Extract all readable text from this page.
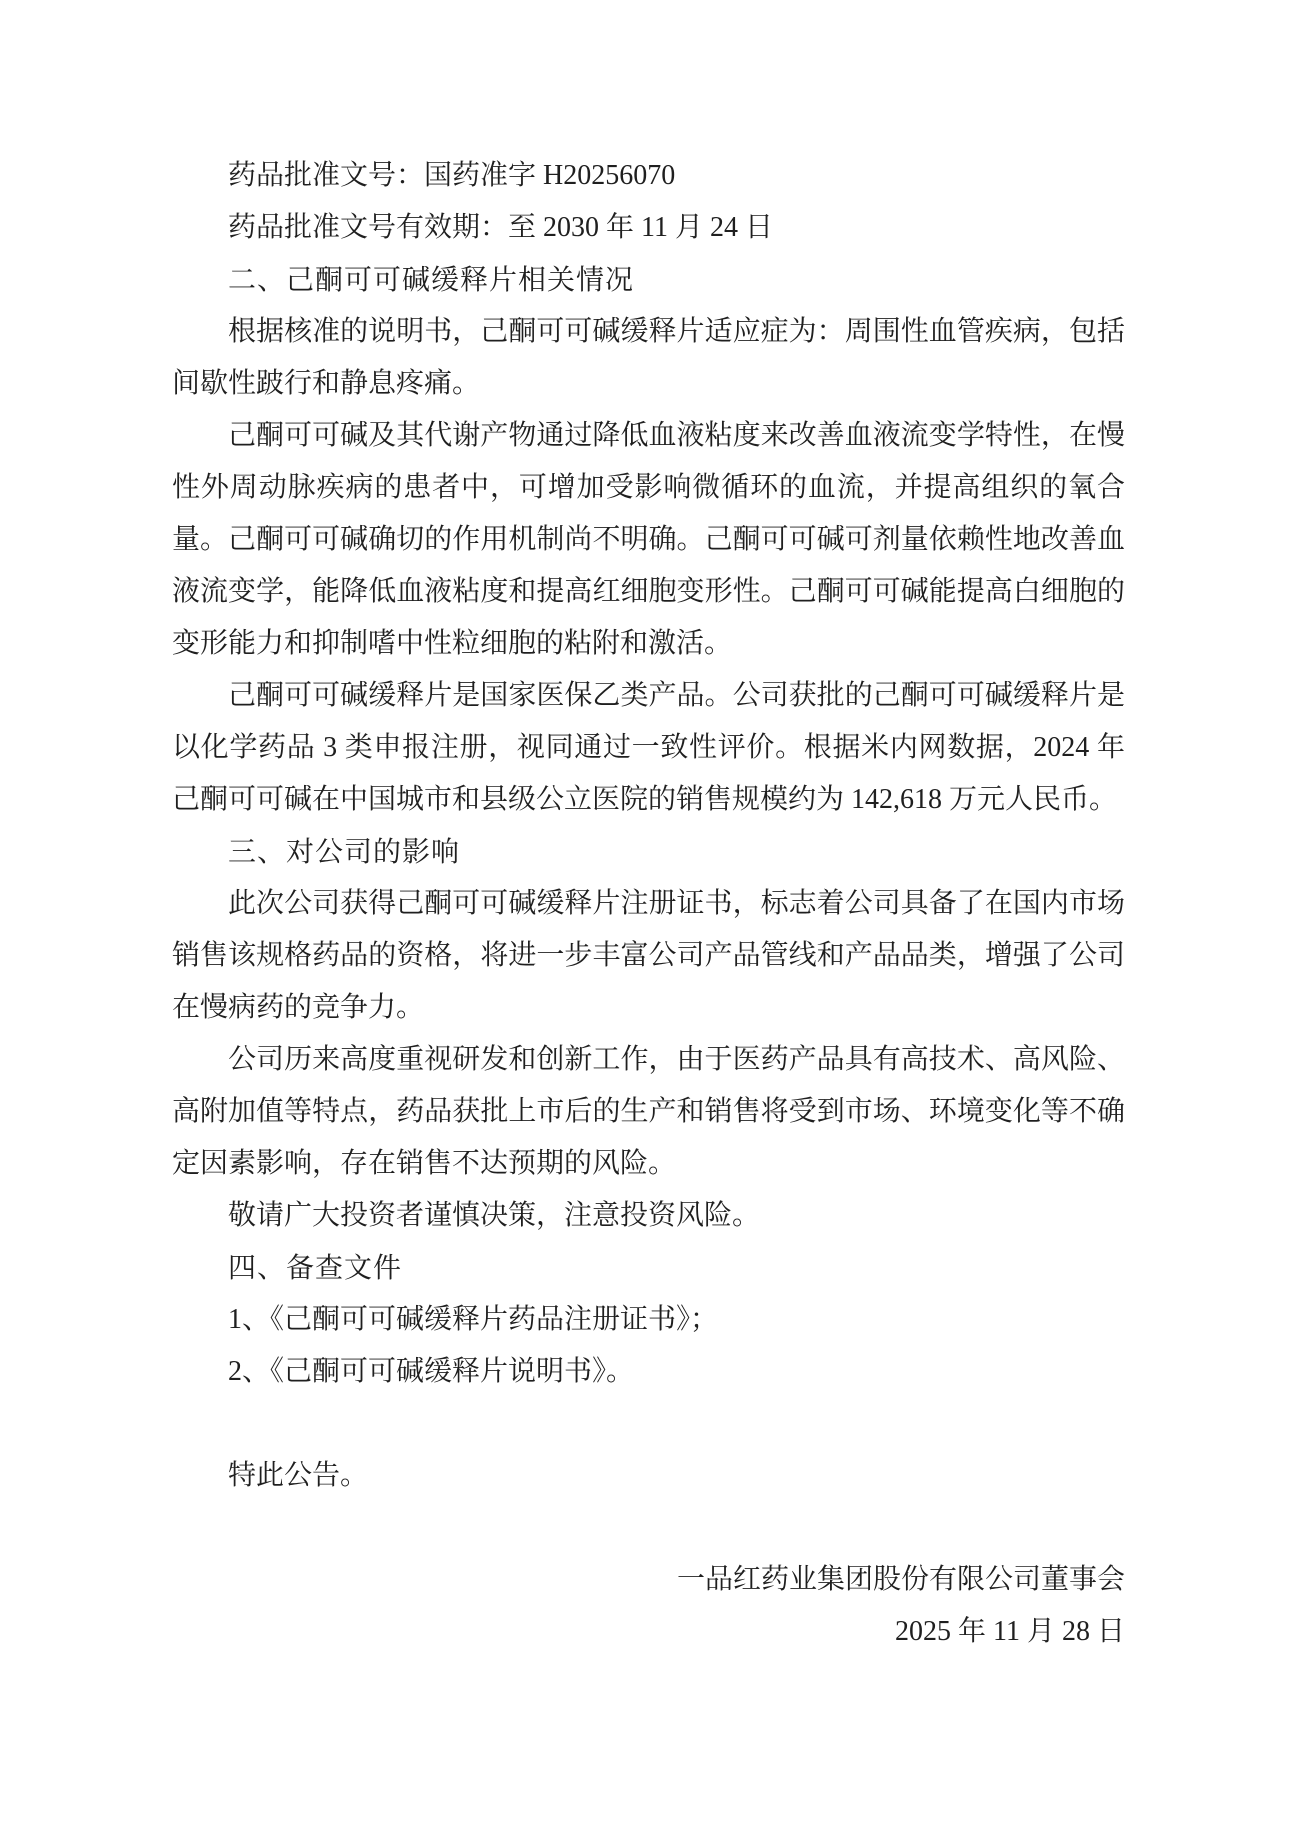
药品批准文号：国药准字 H20256070

药品批准文号有效期：至 2030 年 11 月 24 日

二、己酮可可碱缓释片相关情况

根据核准的说明书，己酮可可碱缓释片适应症为：周围性血管疾病，包括间歇性跛行和静息疼痛。

己酮可可碱及其代谢产物通过降低血液粘度来改善血液流变学特性，在慢性外周动脉疾病的患者中，可增加受影响微循环的血流，并提高组织的氧合量。己酮可可碱确切的作用机制尚不明确。己酮可可碱可剂量依赖性地改善血液流变学，能降低血液粘度和提高红细胞变形性。己酮可可碱能提高白细胞的变形能力和抑制嗜中性粒细胞的粘附和激活。

己酮可可碱缓释片是国家医保乙类产品。公司获批的己酮可可碱缓释片是以化学药品 3 类申报注册，视同通过一致性评价。根据米内网数据，2024 年己酮可可碱在中国城市和县级公立医院的销售规模约为 142,618 万元人民币。

三、对公司的影响

此次公司获得己酮可可碱缓释片注册证书，标志着公司具备了在国内市场销售该规格药品的资格，将进一步丰富公司产品管线和产品品类，增强了公司在慢病药的竞争力。

公司历来高度重视研发和创新工作，由于医药产品具有高技术、高风险、高附加值等特点，药品获批上市后的生产和销售将受到市场、环境变化等不确定因素影响，存在销售不达预期的风险。

敬请广大投资者谨慎决策，注意投资风险。

四、备查文件

1、《己酮可可碱缓释片药品注册证书》；

2、《己酮可可碱缓释片说明书》。

特此公告。

一品红药业集团股份有限公司董事会

2025 年 11 月 28 日
